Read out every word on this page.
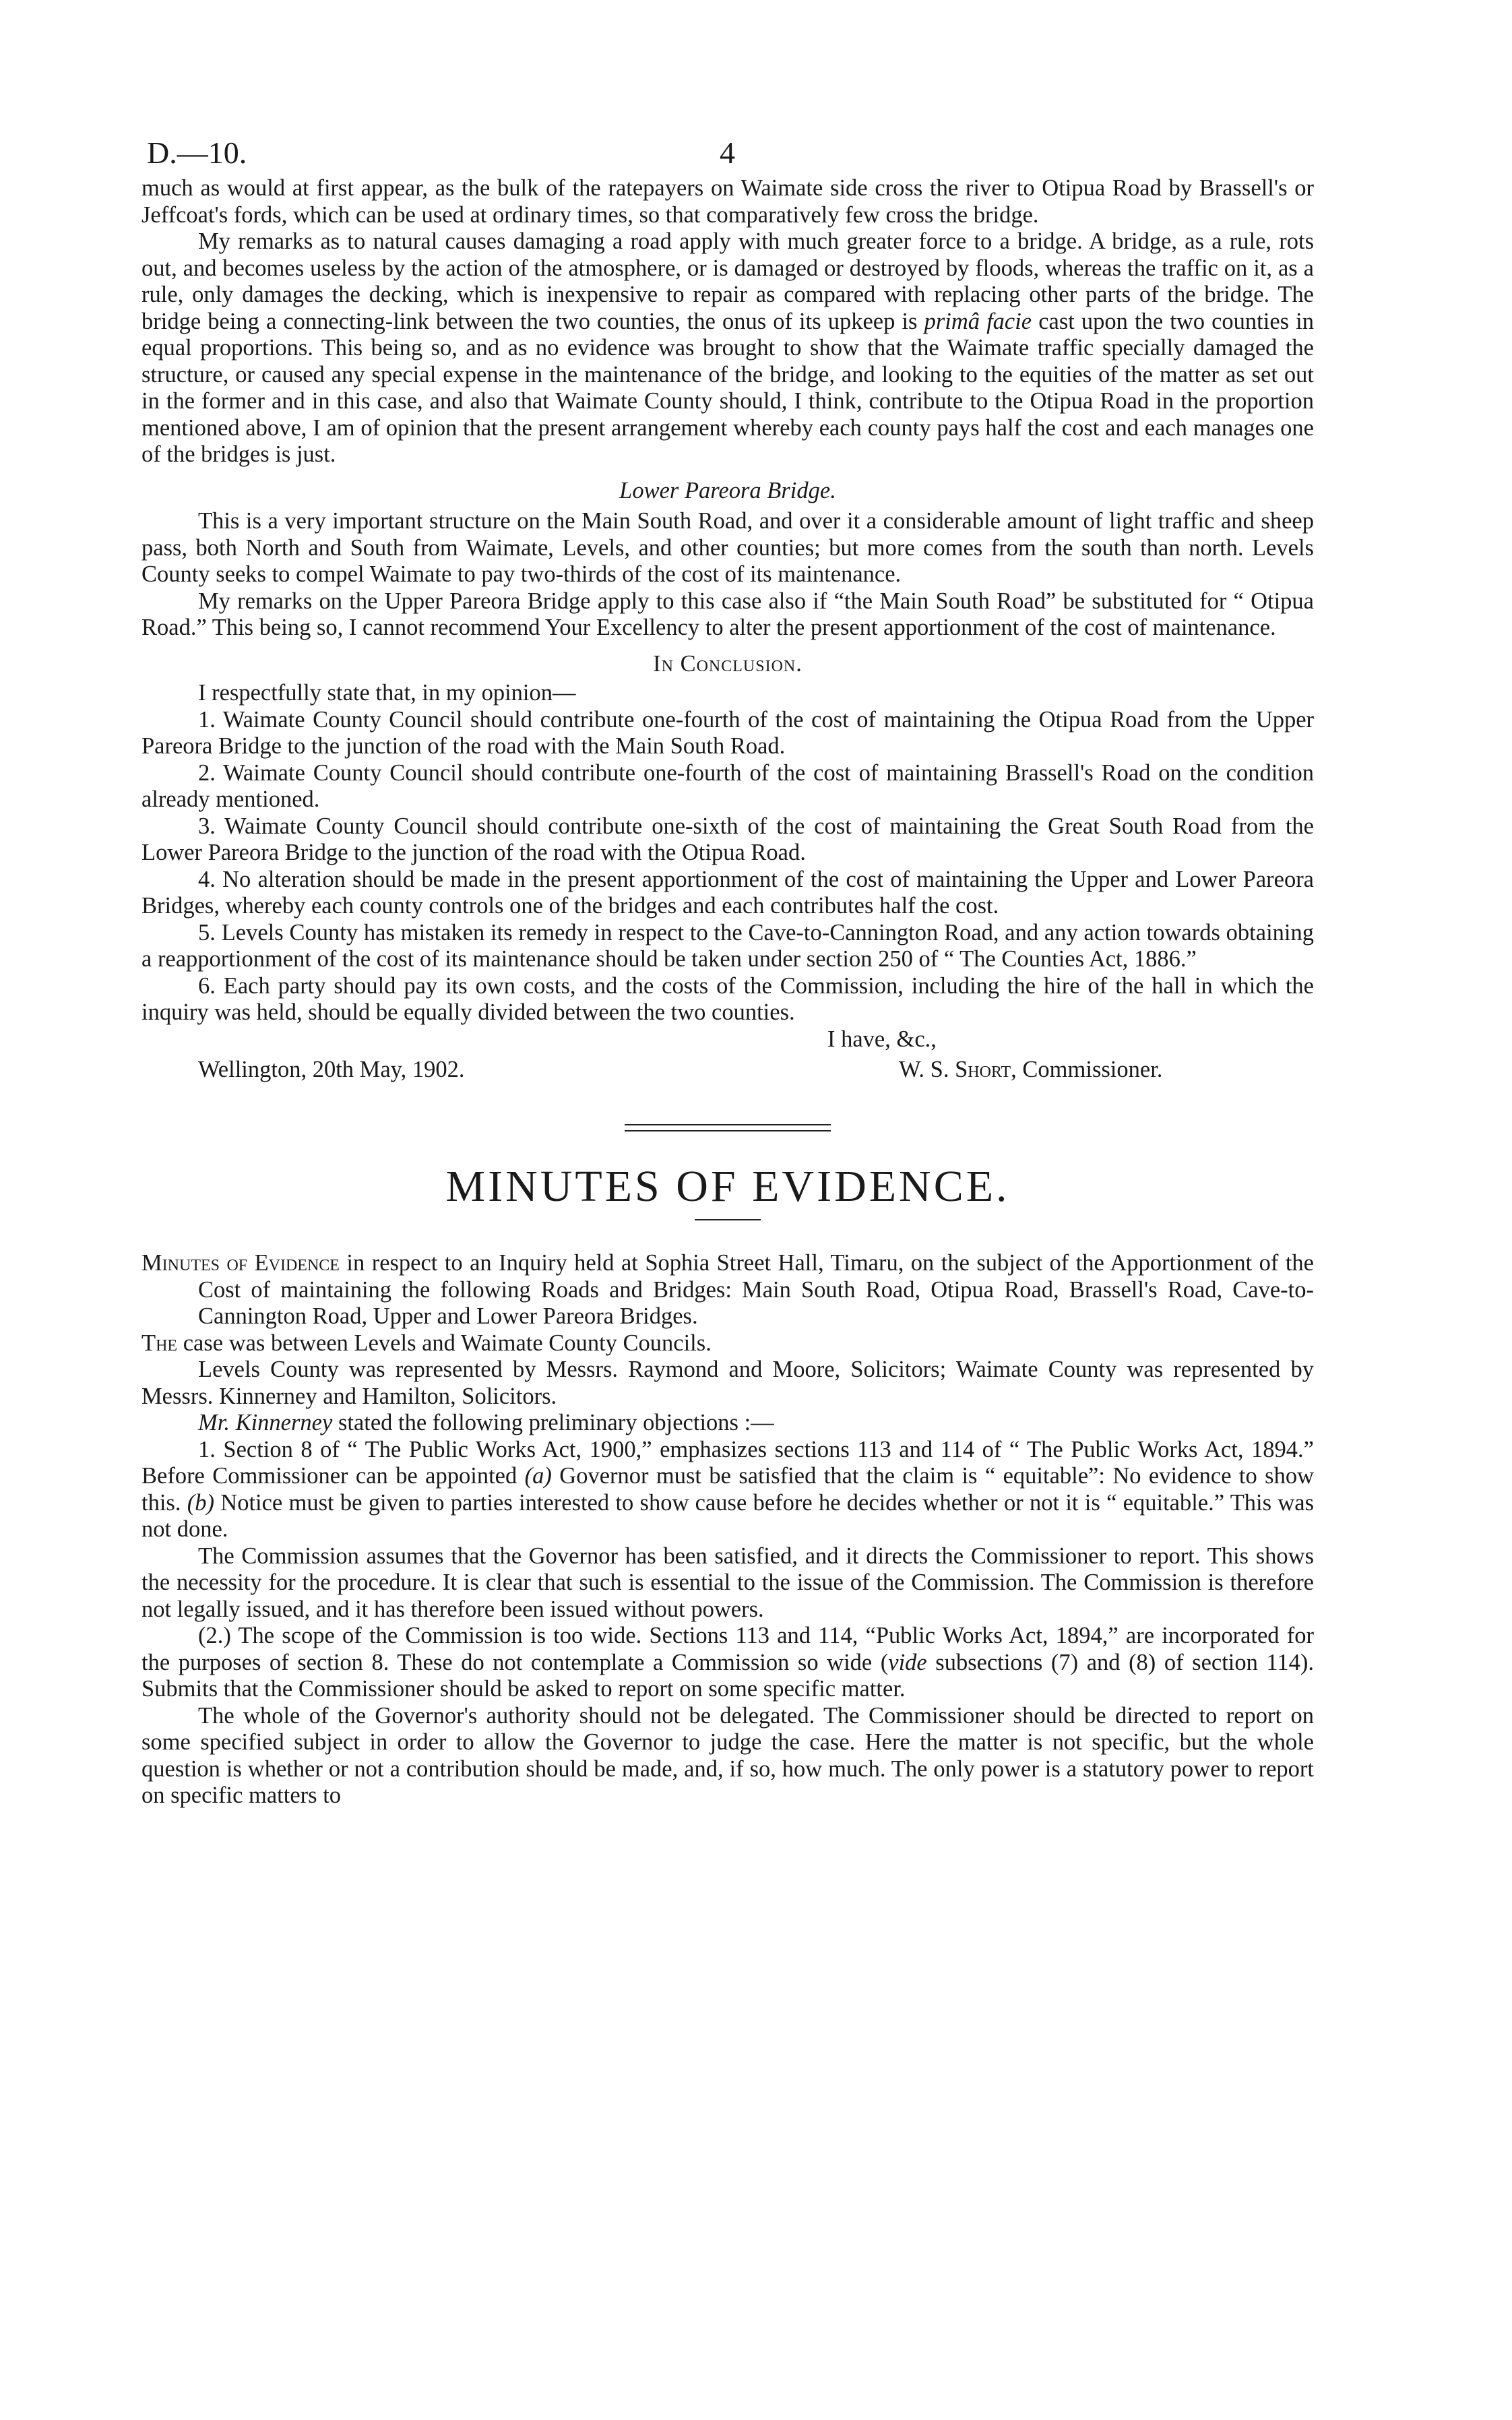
D.—10.	4

much as would at first appear, as the bulk of the ratepayers on Waimate side cross the river to Otipua Road by Brassell's or Jeffcoat's fords, which can be used at ordinary times, so that comparatively few cross the bridge.

My remarks as to natural causes damaging a road apply with much greater force to a bridge. A bridge, as a rule, rots out, and becomes useless by the action of the atmosphere, or is damaged or destroyed by floods, whereas the traffic on it, as a rule, only damages the decking, which is inexpensive to repair as compared with replacing other parts of the bridge. The bridge being a connecting-link between the two counties, the onus of its upkeep is primâ facie cast upon the two counties in equal proportions. This being so, and as no evidence was brought to show that the Waimate traffic specially damaged the structure, or caused any special expense in the maintenance of the bridge, and looking to the equities of the matter as set out in the former and in this case, and also that Waimate County should, I think, contribute to the Otipua Road in the proportion mentioned above, I am of opinion that the present arrangement whereby each county pays half the cost and each manages one of the bridges is just.

Lower Pareora Bridge.

This is a very important structure on the Main South Road, and over it a considerable amount of light traffic and sheep pass, both North and South from Waimate, Levels, and other counties; but more comes from the south than north. Levels County seeks to compel Waimate to pay two-thirds of the cost of its maintenance.

My remarks on the Upper Pareora Bridge apply to this case also if “the Main South Road” be substituted for “ Otipua Road.” This being so, I cannot recommend Your Excellency to alter the present apportionment of the cost of maintenance.

In Conclusion.

I respectfully state that, in my opinion—

1. Waimate County Council should contribute one-fourth of the cost of maintaining the Otipua Road from the Upper Pareora Bridge to the junction of the road with the Main South Road.

2. Waimate County Council should contribute one-fourth of the cost of maintaining Brassell's Road on the condition already mentioned.

3. Waimate County Council should contribute one-sixth of the cost of maintaining the Great South Road from the Lower Pareora Bridge to the junction of the road with the Otipua Road.

4. No alteration should be made in the present apportionment of the cost of maintaining the Upper and Lower Pareora Bridges, whereby each county controls one of the bridges and each contributes half the cost.

5. Levels County has mistaken its remedy in respect to the Cave-to-Cannington Road, and any action towards obtaining a reapportionment of the cost of its maintenance should be taken under section 250 of “ The Counties Act, 1886.”

6. Each party should pay its own costs, and the costs of the Commission, including the hire of the hall in which the inquiry was held, should be equally divided between the two counties.

I have, &c.,

Wellington, 20th May, 1902.	W. S. Short, Commissioner.
MINUTES OF EVIDENCE.

Minutes of Evidence in respect to an Inquiry held at Sophia Street Hall, Timaru, on the subject of the Apportionment of the Cost of maintaining the following Roads and Bridges: Main South Road, Otipua Road, Brassell's Road, Cave-to-Cannington Road, Upper and Lower Pareora Bridges.

The case was between Levels and Waimate County Councils.

Levels County was represented by Messrs. Raymond and Moore, Solicitors; Waimate County was represented by Messrs. Kinnerney and Hamilton, Solicitors.

Mr. Kinnerney stated the following preliminary objections :—

1. Section 8 of “ The Public Works Act, 1900,” emphasizes sections 113 and 114 of “ The Public Works Act, 1894.” Before Commissioner can be appointed (a) Governor must be satisfied that the claim is “ equitable”: No evidence to show this. (b) Notice must be given to parties interested to show cause before he decides whether or not it is “ equitable.” This was not done.

The Commission assumes that the Governor has been satisfied, and it directs the Commissioner to report. This shows the necessity for the procedure. It is clear that such is essential to the issue of the Commission. The Commission is therefore not legally issued, and it has therefore been issued without powers.

(2.) The scope of the Commission is too wide. Sections 113 and 114, “Public Works Act, 1894,” are incorporated for the purposes of section 8. These do not contemplate a Commission so wide (vide subsections (7) and (8) of section 114). Submits that the Commissioner should be asked to report on some specific matter.

The whole of the Governor's authority should not be delegated. The Commissioner should be directed to report on some specified subject in order to allow the Governor to judge the case. Here the matter is not specific, but the whole question is whether or not a contribution should be made, and, if so, how much. The only power is a statutory power to report on specific matters to
